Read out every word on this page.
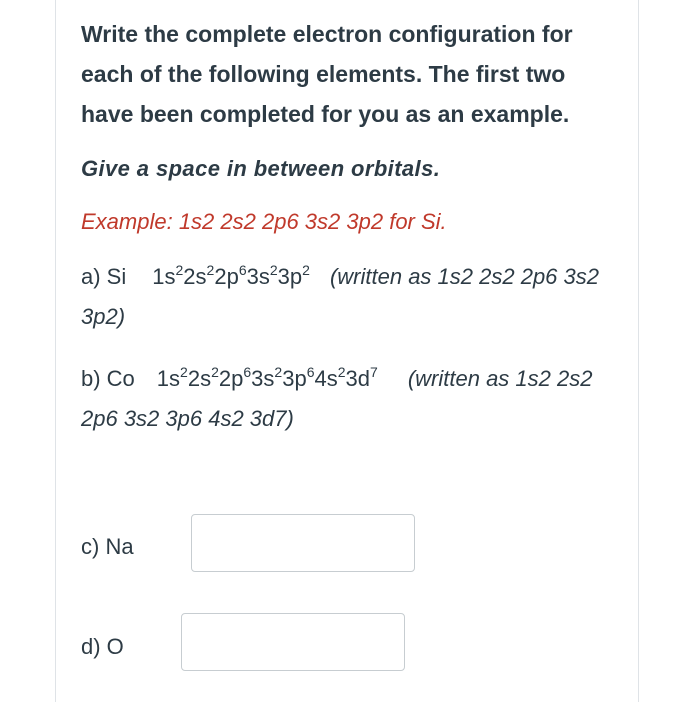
Write the complete electron configuration for each of the following elements. The first two have been completed for you as an example.

Give a space in between orbitals.

Example: 1s2 2s2 2p6 3s2 3p2 for Si.

a) Si $1s^22s^22p^63s^23p^2$ (written as 1s2 2s2 2p6 3s2 3p2)

b) Co $1s^22s^22p^63s^23p^64s^23d^7$ (written as 1s2 2s2 2p6 3s2 3p6 4s2 3d7)

c) Na
d) O
